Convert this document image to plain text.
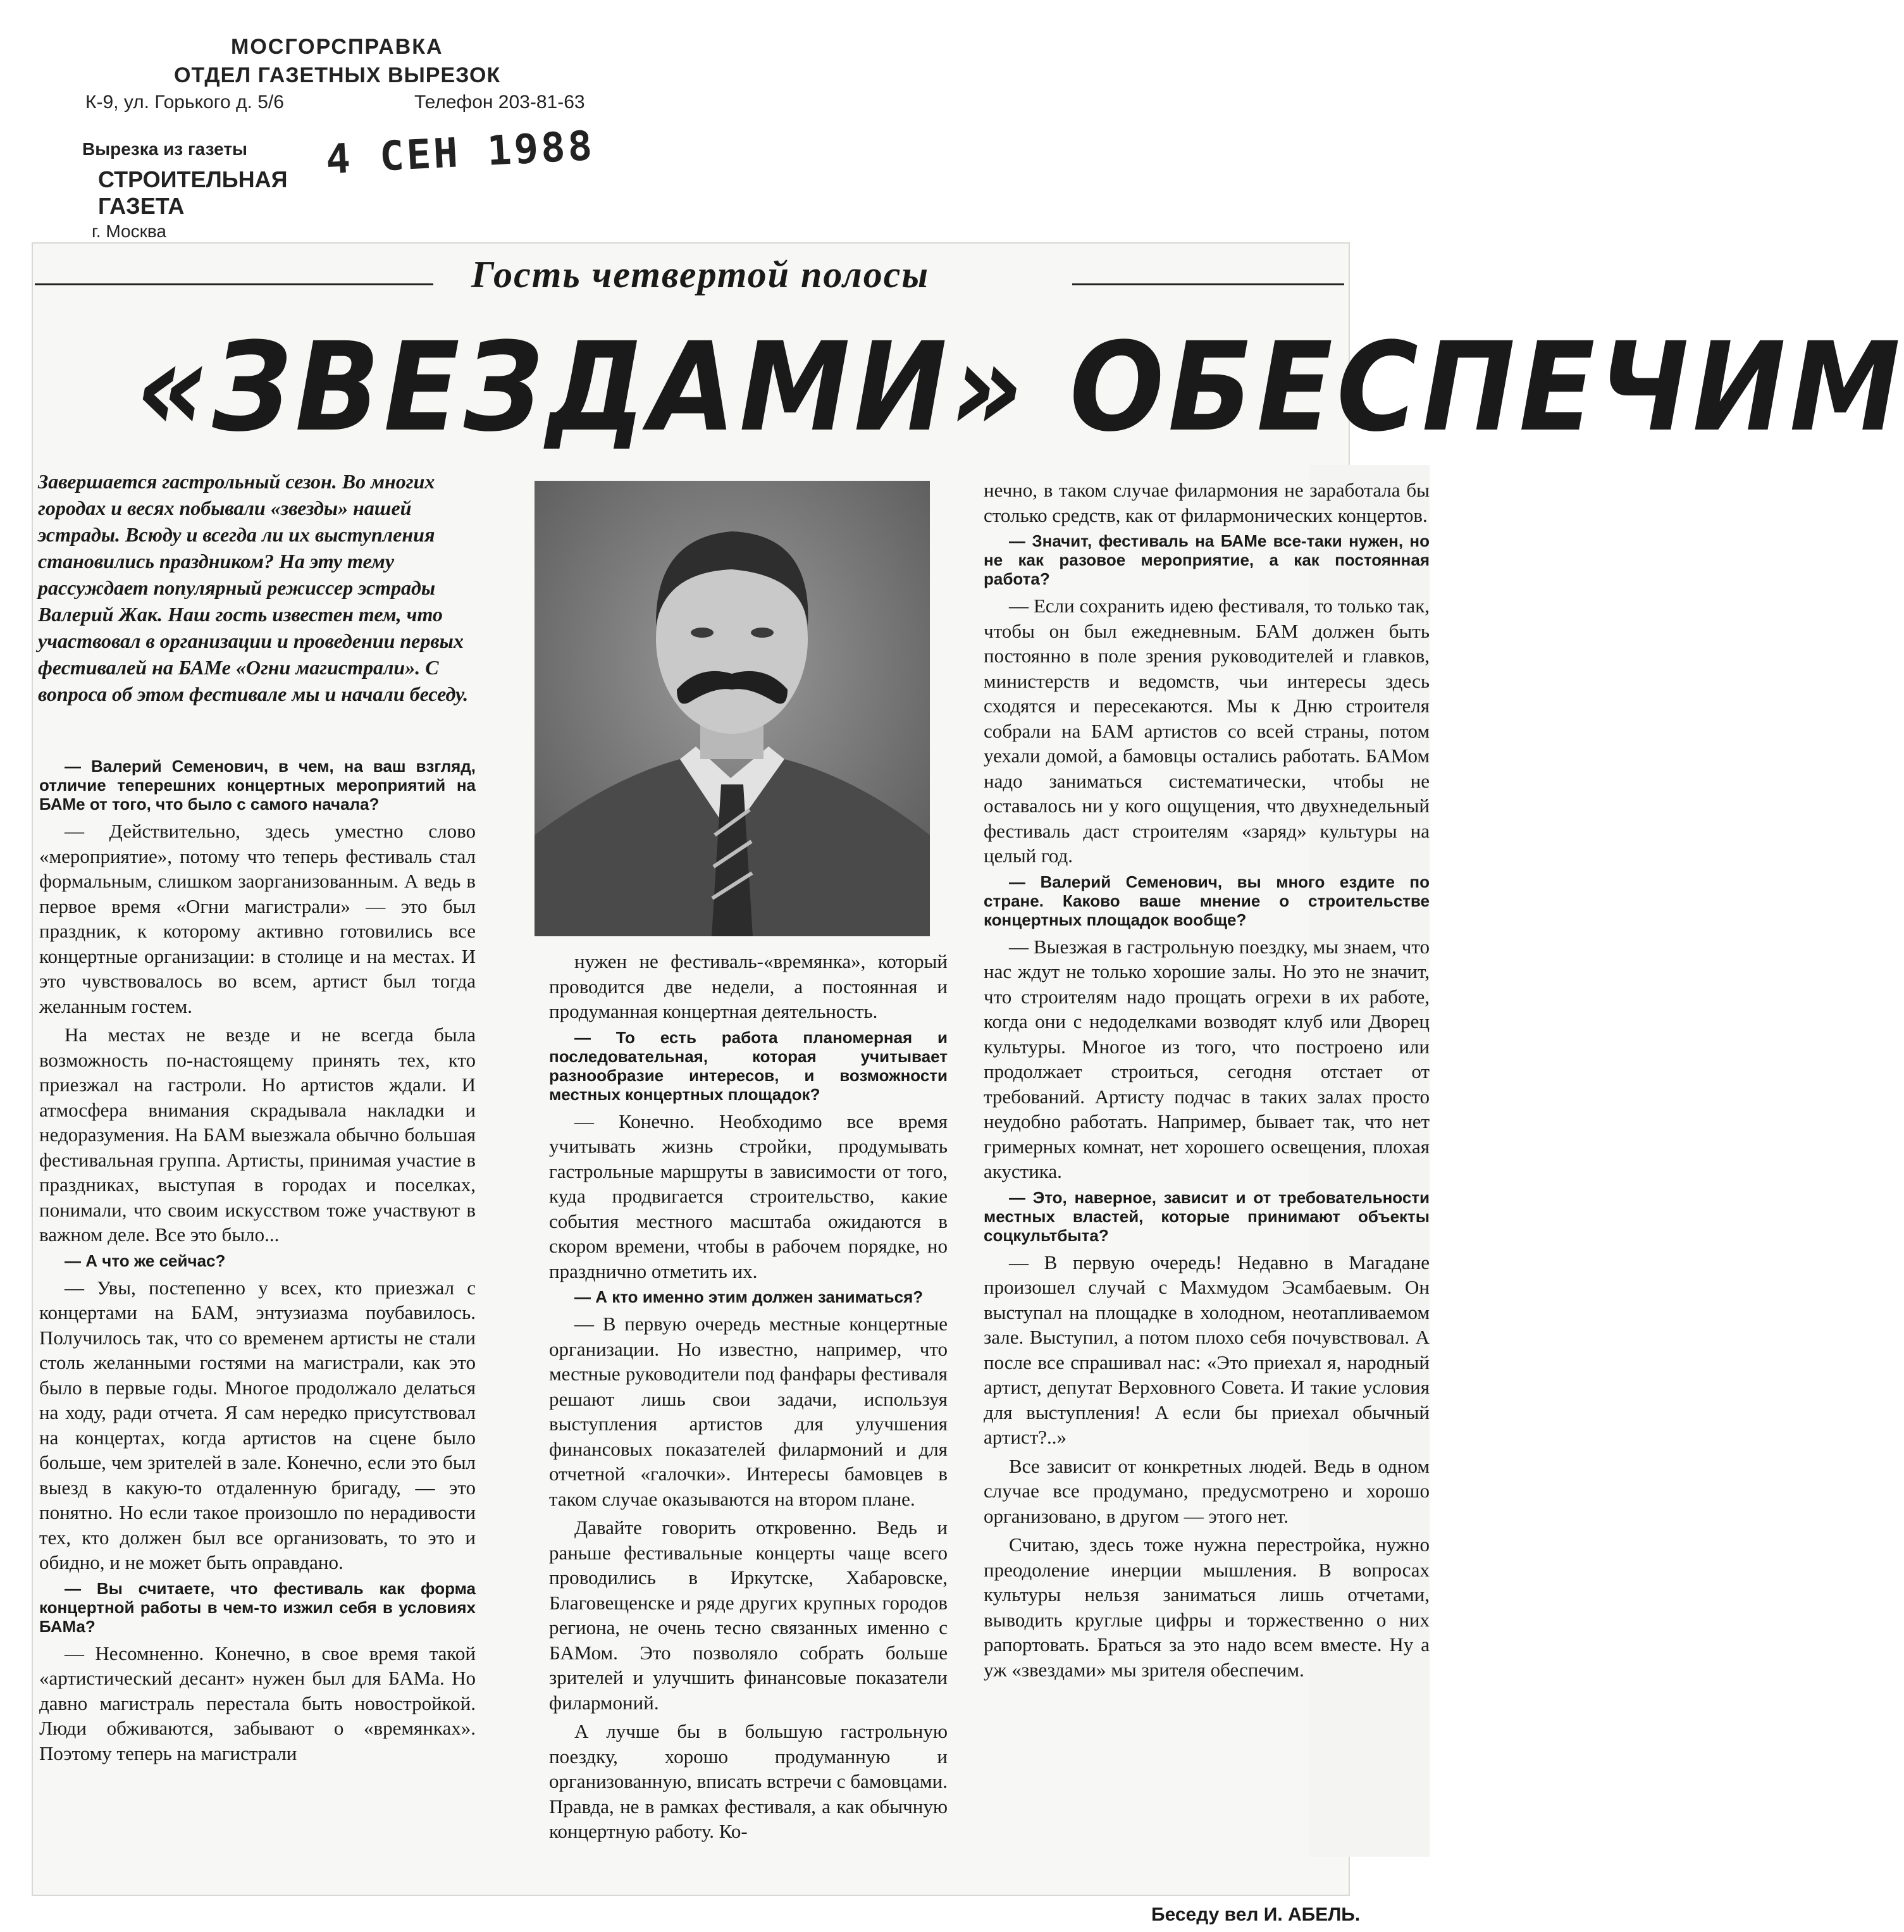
МОСГОРСПРАВКА
ОТДЕЛ ГАЗЕТНЫХ ВЫРЕЗОК
К-9, ул. Горького д. 5/6	Телефон 203-81-63
Вырезка из газеты
СТРОИТЕЛЬНАЯ ГАЗЕТА
4 СЕН 1988
г. Москва
Гость четвертой полосы
«ЗВЕЗДАМИ» ОБЕСПЕЧИМ
Завершается гастрольный сезон. Во многих городах и весях побывали «звезды» нашей эстрады. Всюду и всегда ли их выступления становились праздником? На эту тему рассуждает популярный режиссер эстрады Валерий Жак. Наш гость известен тем, что участвовал в организации и проведении первых фестивалей на БАМе «Огни магистрали». С вопроса об этом фестивале мы и начали беседу.

— Валерий Семенович, в чем, на ваш взгляд, отличие теперешних концертных мероприятий на БАМе от того, что было с самого начала?

— Действительно, здесь уместно слово «мероприятие», потому что теперь фестиваль стал формальным, слишком заорганизованным. А ведь в первое время «Огни магистрали» — это был праздник, к которому активно готовились все концертные организации: в столице и на местах. И это чувствовалось во всем, артист был тогда желанным гостем.

На местах не везде и не всегда была возможность по-настоящему принять тех, кто приезжал на гастроли. Но артистов ждали. И атмосфера внимания скрадывала накладки и недоразумения. На БАМ выезжала обычно большая фестивальная группа. Артисты, принимая участие в праздниках, выступая в городах и поселках, понимали, что своим искусством тоже участвуют в важном деле. Все это было...

— А что же сейчас?

— Увы, постепенно у всех, кто приезжал с концертами на БАМ, энтузиазма поубавилось. Получилось так, что со временем артисты не стали столь желанными гостями на магистрали, как это было в первые годы. Многое продолжало делаться на ходу, ради отчета. Я сам нередко присутствовал на концертах, когда артистов на сцене было больше, чем зрителей в зале. Конечно, если это был выезд в какую-то отдаленную бригаду, — это понятно. Но если такое произошло по нерадивости тех, кто должен был все организовать, то это и обидно, и не может быть оправдано.

— Вы считаете, что фестиваль как форма концертной работы в чем-то изжил себя в условиях БАМа?

— Несомненно. Конечно, в свое время такой «артистический десант» нужен был для БАМа. Но давно магистраль перестала быть новостройкой. Люди обживаются, забывают о «времянках». Поэтому теперь на магистрали

нужен не фестиваль-«времянка», который проводится две недели, а постоянная и продуманная концертная деятельность.

— То есть работа планомерная и последовательная, которая учитывает разнообразие интересов, и возможности местных концертных площадок?

— Конечно. Необходимо все время учитывать жизнь стройки, продумывать гастрольные маршруты в зависимости от того, куда продвигается строительство, какие события местного масштаба ожидаются в скором времени, чтобы в рабочем порядке, но празднично отметить их.

— А кто именно этим должен заниматься?

— В первую очередь местные концертные организации. Но известно, например, что местные руководители под фанфары фестиваля решают лишь свои задачи, используя выступления артистов для улучшения финансовых показателей филармоний и для отчетной «галочки». Интересы бамовцев в таком случае оказываются на втором плане.

Давайте говорить откровенно. Ведь и раньше фестивальные концерты чаще всего проводились в Иркутске, Хабаровске, Благовещенске и ряде других крупных городов региона, не очень тесно связанных именно с БАМом. Это позволяло собрать больше зрителей и улучшить финансовые показатели филармоний.

А лучше бы в большую гастрольную поездку, хорошо продуманную и организованную, вписать встречи с бамовцами. Правда, не в рамках фестиваля, а как обычную концертную работу. Ко-

нечно, в таком случае филармония не заработала бы столько средств, как от филармонических концертов.

— Значит, фестиваль на БАМе все-таки нужен, но не как разовое мероприятие, а как постоянная работа?

— Если сохранить идею фестиваля, то только так, чтобы он был ежедневным. БАМ должен быть постоянно в поле зрения руководителей и главков, министерств и ведомств, чьи интересы здесь сходятся и пересекаются. Мы к Дню строителя собрали на БАМ артистов со всей страны, потом уехали домой, а бамовцы остались работать. БАМом надо заниматься систематически, чтобы не оставалось ни у кого ощущения, что двухнедельный фестиваль даст строителям «заряд» культуры на целый год.

— Валерий Семенович, вы много ездите по стране. Каково ваше мнение о строительстве концертных площадок вообще?

— Выезжая в гастрольную поездку, мы знаем, что нас ждут не только хорошие залы. Но это не значит, что строителям надо прощать огрехи в их работе, когда они с недоделками возводят клуб или Дворец культуры. Многое из того, что построено или продолжает строиться, сегодня отстает от требований. Артисту подчас в таких залах просто неудобно работать. Например, бывает так, что нет гримерных комнат, нет хорошего освещения, плохая акустика.

— Это, наверное, зависит и от требовательности местных властей, которые принимают объекты соцкультбыта?

— В первую очередь! Недавно в Магадане произошел случай с Махмудом Эсамбаевым. Он выступал на площадке в холодном, неотапливаемом зале. Выступил, а потом плохо себя почувствовал. А после все спрашивал нас: «Это приехал я, народный артист, депутат Верховного Совета. И такие условия для выступления! А если бы приехал обычный артист?..»

Все зависит от конкретных людей. Ведь в одном случае все продумано, предусмотрено и хорошо организовано, в другом — этого нет.

Считаю, здесь тоже нужна перестройка, нужно преодоление инерции мышления. В вопросах культуры нельзя заниматься лишь отчетами, выводить круглые цифры и торжественно о них рапортовать. Браться за это надо всем вместе. Ну а уж «звездами» мы зрителя обеспечим.

Беседу вел И. АБЕЛЬ.
